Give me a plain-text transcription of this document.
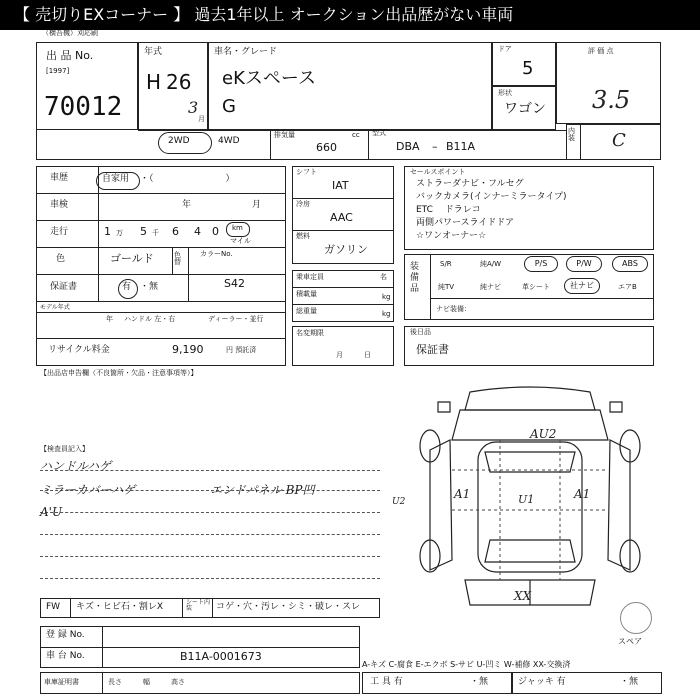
【 売切りEXコーナー 】 過去1年以上 オークション出品歴がない車両
（横吾機）刈応刷
出 品 No.
[1997]
70012
年式
H 26
3
月
車名・グレード
eKスペース
G
ドア
5
形状
ワゴン
評 価 点
3.5
内装 C
2WD	4WD
排気量
660
cc 型式
DBA – B11A
車歴	自家用 ・（　　　　　　　　）
車検	年	月
走行	1 万 5 千 6 4 0 km
マイル
色	ゴールド	色替
カラーNo.
S42
保証書	有 ・無
モデル年式
年 ハンドル 左・右	ディーラー・並行
リサイクル料金	9,190	円 預託済
シフト
IAT
冷房
AAC
燃料
ガソリン
乗車定員	名
積載量	kg
総重量	kg
名変期限
月　　　日
セールスポイント
ストラーダナビ・フルセグ
バックカメラ(インナーミラータイプ)
ETC　 ドラレコ
両側パワースライドドア
☆ワンオーナー☆
装備品
S/R	純A/W	P/S	P/W	ABS
純TV	純ナビ	革シート	社ナビ	エアB
ナビ装備：
後日品
保証書
【出品店申告欄（不良箇所・欠品・注意事項等）】
【検査員記入】
ハンドルハゲ
ミラーカバーハゲ
A'U
エンドパネル BP凹
AU2
A1	U1	A1
U2
XX
スペア
FW キズ・ヒビ石・割レX	シート内装	コゲ・穴・汚レ・シミ・破レ・スレ
登 録 No.
車 台 No.	B11A-0001673
A-キズ C-腐食 E-エクボ S-サビ U-凹ミ W-補修 XX-交換済
車庫証明書	長さ　　　幅　　　高さ	工 具 有	・無	ジャッキ 有	・無
